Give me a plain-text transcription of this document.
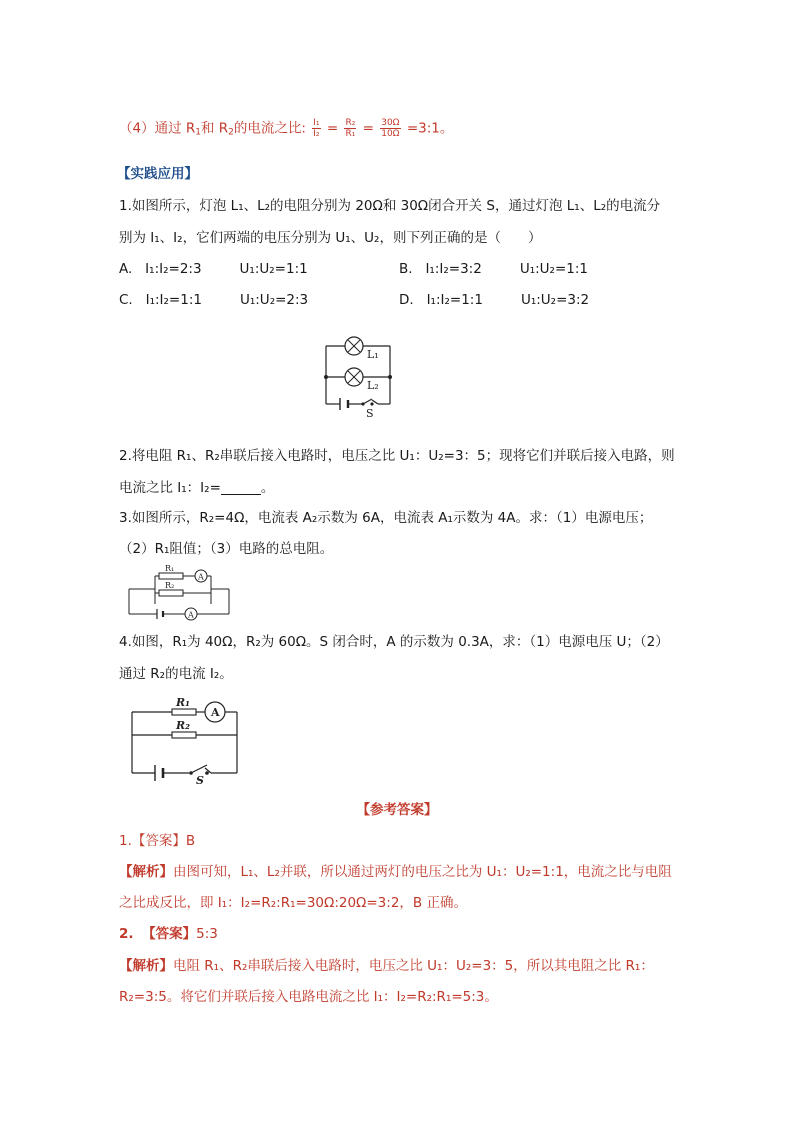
（4）通过 $R_1$和 $R_2$的电流之比: $\frac{\text{I₁}}{\text{I₂}} = \frac{\text{R₂}}{\text{R₁}} = \frac{30\Omega}{10\Omega}$ =3:1。
【实践应用】
1.如图所示，灯泡 L₁、L₂的电阻分别为 20Ω和 30Ω闭合开关 S，通过灯泡 L₁、L₂的电流分
别为 I₁、I₂，它们两端的电压分别为 U₁、U₂，则下列正确的是（　　）
A. I₁:I₂=2:3	U₁:U₂=1:1	B. I₁:I₂=3:2	U₁:U₂=1:1
C. I₁:I₂=1:1	U₁:U₂=2:3	D. I₁:I₂=1:1	U₁:U₂=3:2
L₁
L₂
S
2.将电阻 R₁、R₂串联后接入电路时，电压之比 U₁：U₂=3：5；现将它们并联后接入电路，则
电流之比 I₁：I₂=	。
3.如图所示，R₂=4Ω，电流表 A₂示数为 6A，电流表 A₁示数为 4A。求：（1）电源电压；
（2）R₁阻值；（3）电路的总电阻。
A
A
R₁
R₂
4.如图，R₁为 40Ω，R₂为 60Ω。S 闭合时，A 的示数为 0.3A，求：（1）电源电压 U；（2）
通过 R₂的电流 I₂。
A
R₁
R₂
S
【参考答案】
1.【答案】B
【解析】由图可知，L₁、L₂并联，所以通过两灯的电压之比为 U₁：U₂=1:1，电流之比与电阻
之比成反比，即 I₁：I₂=R₂:R₁=30Ω:20Ω=3:2，B 正确。
2. 【答案】5:3
【解析】电阻 R₁、R₂串联后接入电路时，电压之比 U₁：U₂=3：5，所以其电阻之比 R₁：
R₂=3:5。将它们并联后接入电路电流之比 I₁：I₂=R₂:R₁=5:3。
